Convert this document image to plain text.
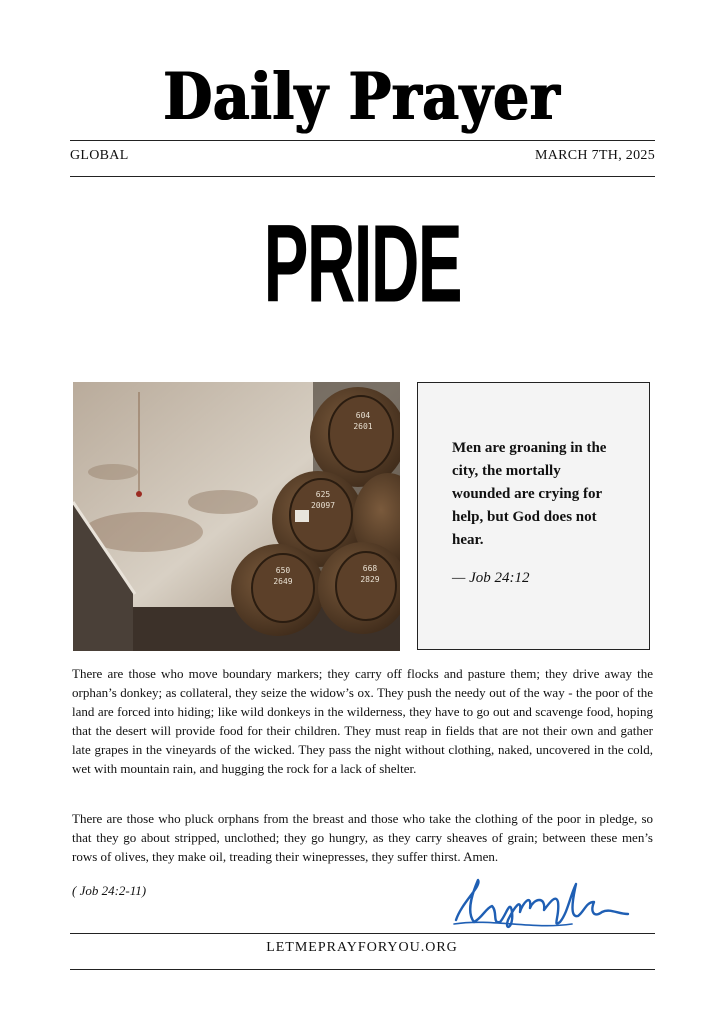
Daily Prayer
GLOBAL	MARCH 7TH, 2025
PRIDE
604
2601
625
20097
650
2649
668
2829
Men are groaning in the city, the mortally wounded are crying for help, but God does not hear.
— Job 24:12

There are those who move boundary markers; they carry off flocks and pasture them; they drive away the orphan’s donkey; as collateral, they seize the widow’s ox. They push the needy out of the way - the poor of the land are forced into hiding; like wild donkeys in the wilderness, they have to go out and scavenge food, hoping that the desert will provide food for their children. They must reap in fields that are not their own and gather late grapes in the vineyards of the wicked. They pass the night without clothing, naked, uncovered in the cold, wet with mountain rain, and hugging the rock for a lack of shelter.

There are those who pluck orphans from the breast and those who take the clothing of the poor in pledge, so that they go about stripped, unclothed; they go hungry, as they carry sheaves of grain; between these men’s rows of olives, they make oil, treading their winepresses, they suffer thirst. Amen.

( Job 24:2-11)
LETMEPRAYFORYOU.ORG
